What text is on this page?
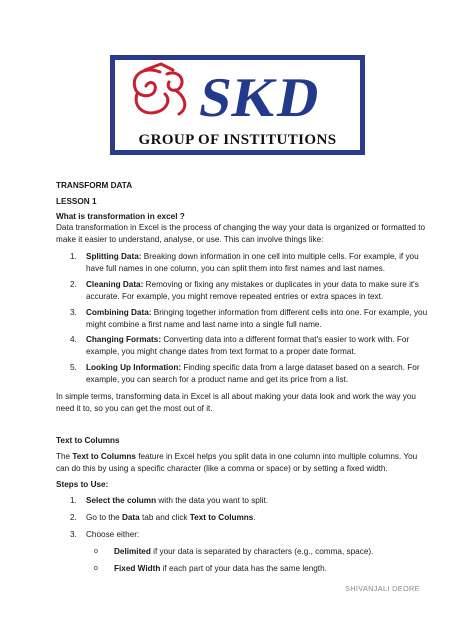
SKD
GROUP OF INSTITUTIONS
TRANSFORM DATA
LESSON 1
What is transformation in excel ?
Data transformation in Excel is the process of changing the way your data is organized or formatted to make it easier to understand, analyse, or use. This can involve things like:
1. Splitting Data: Breaking down information in one cell into multiple cells. For example, if you have full names in one column, you can split them into first names and last names.
2. Cleaning Data: Removing or fixing any mistakes or duplicates in your data to make sure it's accurate. For example, you might remove repeated entries or extra spaces in text.
3. Combining Data: Bringing together information from different cells into one. For example, you might combine a first name and last name into a single full name.
4. Changing Formats: Converting data into a different format that's easier to work with. For example, you might change dates from text format to a proper date format.
5. Looking Up Information: Finding specific data from a large dataset based on a search. For example, you can search for a product name and get its price from a list.
In simple terms, transforming data in Excel is all about making your data look and work the way you need it to, so you can get the most out of it.
Text to Columns
The Text to Columns feature in Excel helps you split data in one column into multiple columns. You can do this by using a specific character (like a comma or space) or by setting a fixed width.
Steps to Use:
1. Select the column with the data you want to split.
2. Go to the Data tab and click Text to Columns.
3. Choose either:
o Delimited if your data is separated by characters (e.g., comma, space).
o Fixed Width if each part of your data has the same length.
SHIVANJALI DEORE
